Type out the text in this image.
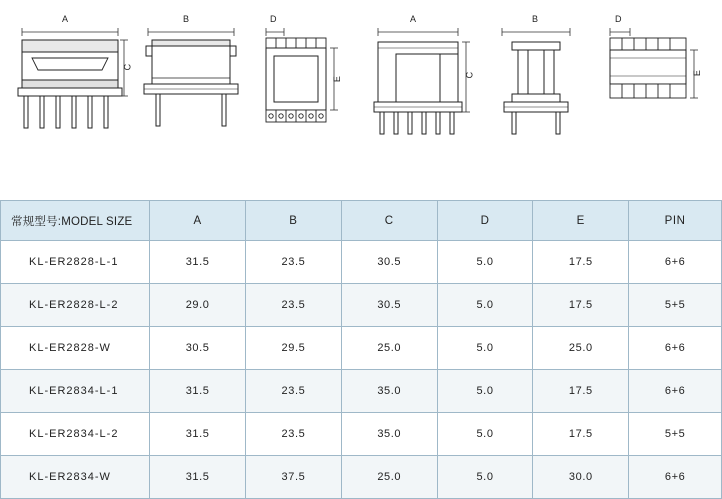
A
C
B	D
E
A
C
B	D
E
常规型号:MODEL SIZE	A	B	C	D	E	PIN
KL-ER2828-L-1	31.5	23.5	30.5	5.0	17.5	6+6
KL-ER2828-L-2	29.0	23.5	30.5	5.0	17.5	5+5
KL-ER2828-W	30.5	29.5	25.0	5.0	25.0	6+6
KL-ER2834-L-1	31.5	23.5	35.0	5.0	17.5	6+6
KL-ER2834-L-2	31.5	23.5	35.0	5.0	17.5	5+5
KL-ER2834-W	31.5	37.5	25.0	5.0	30.0	6+6
